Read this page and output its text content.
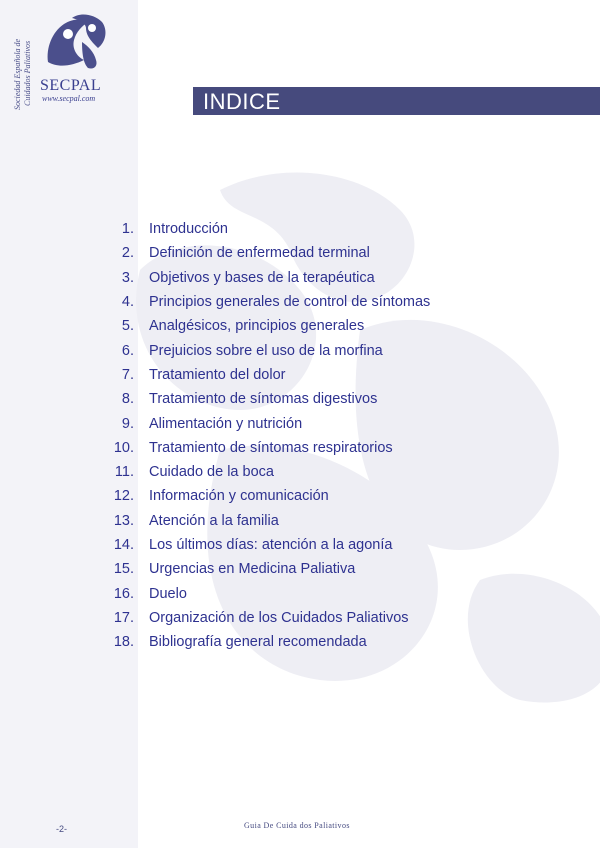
Sociedad Española de Cuidados Paliativos SECPAL
www.secpal.com	INDICE
1. Introducción
2. Definición de enfermedad terminal
3. Objetivos y bases de la terapéutica
4. Principios generales de control de síntomas
5. Analgésicos, principios generales
6. Prejuicios sobre el uso de la morfina
7. Tratamiento del dolor
8. Tratamiento de síntomas digestivos
9. Alimentación y nutrición
10. Tratamiento de síntomas respiratorios
11. Cuidado de la boca
12. Información y comunicación
13. Atención a la familia
14. Los últimos días: atención a la agonía
15. Urgencias en Medicina Paliativa
16. Duelo
17. Organización de los Cuidados Paliativos
18. Bibliografía general recomendada
-2-	Guia De Cuida dos Paliativos
